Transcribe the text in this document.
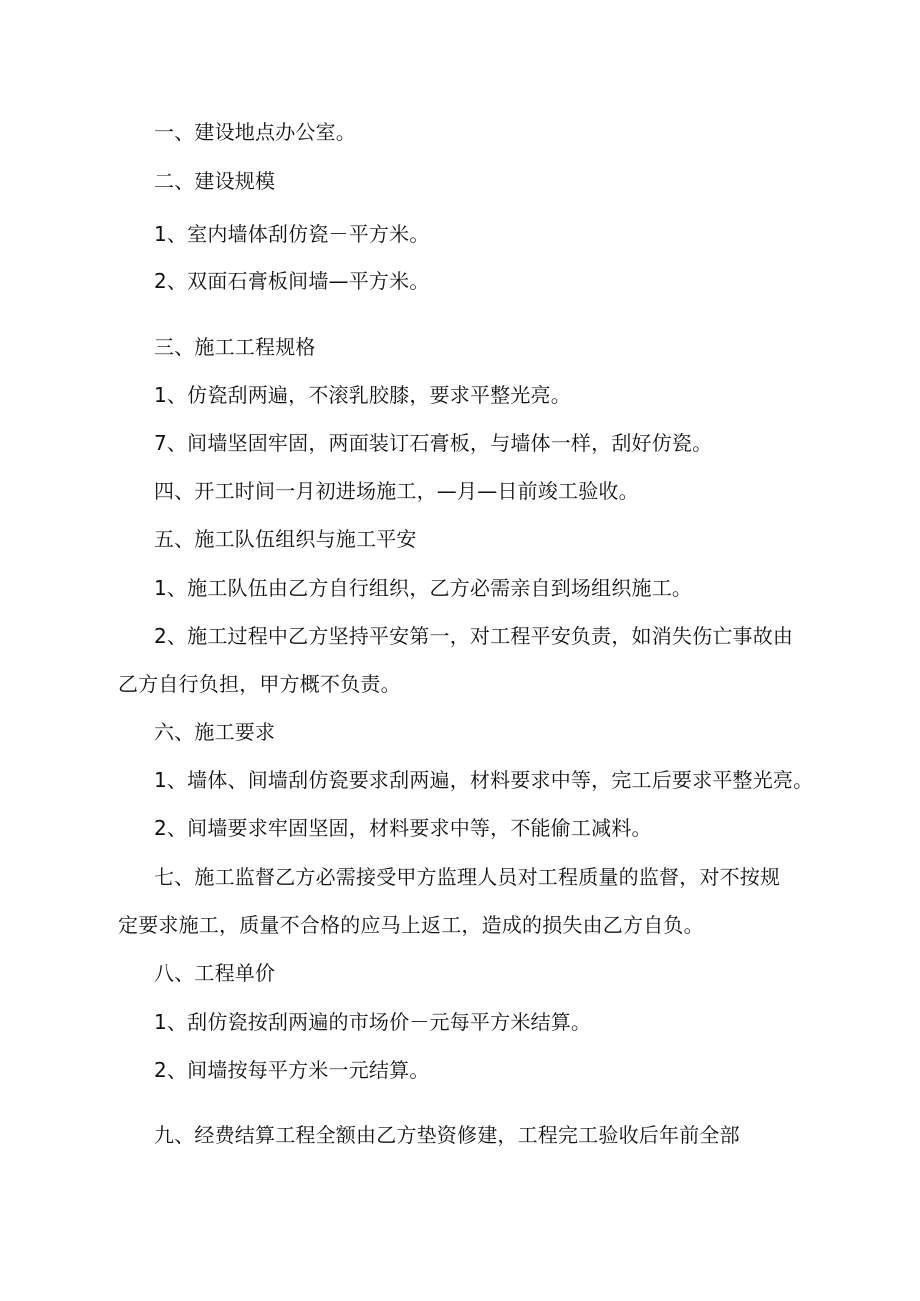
一、建设地点办公室。

二、建设规模

1、室内墙体刮仿瓷－平方米。

2、双面石膏板间墙—平方米。

三、施工工程规格

1、仿瓷刮两遍，不滚乳胶膝，要求平整光亮。

7、间墙坚固牢固，两面装订石膏板，与墙体一样，刮好仿瓷。

四、开工时间一月初进场施工，—月—日前竣工验收。

五、施工队伍组织与施工平安

1、施工队伍由乙方自行组织，乙方必需亲自到场组织施工。

2、施工过程中乙方坚持平安第一，对工程平安负责，如消失伤亡事故由

乙方自行负担，甲方概不负责。

六、施工要求

1、墙体、间墙刮仿瓷要求刮两遍，材料要求中等，完工后要求平整光亮。

2、间墙要求牢固坚固，材料要求中等，不能偷工减料。

七、施工监督乙方必需接受甲方监理人员对工程质量的监督，对不按规

定要求施工，质量不合格的应马上返工，造成的损失由乙方自负。

八、工程单价

1、刮仿瓷按刮两遍的市场价－元每平方米结算。

2、间墙按每平方米一元结算。

九、经费结算工程全额由乙方垫资修建，工程完工验收后年前全部
